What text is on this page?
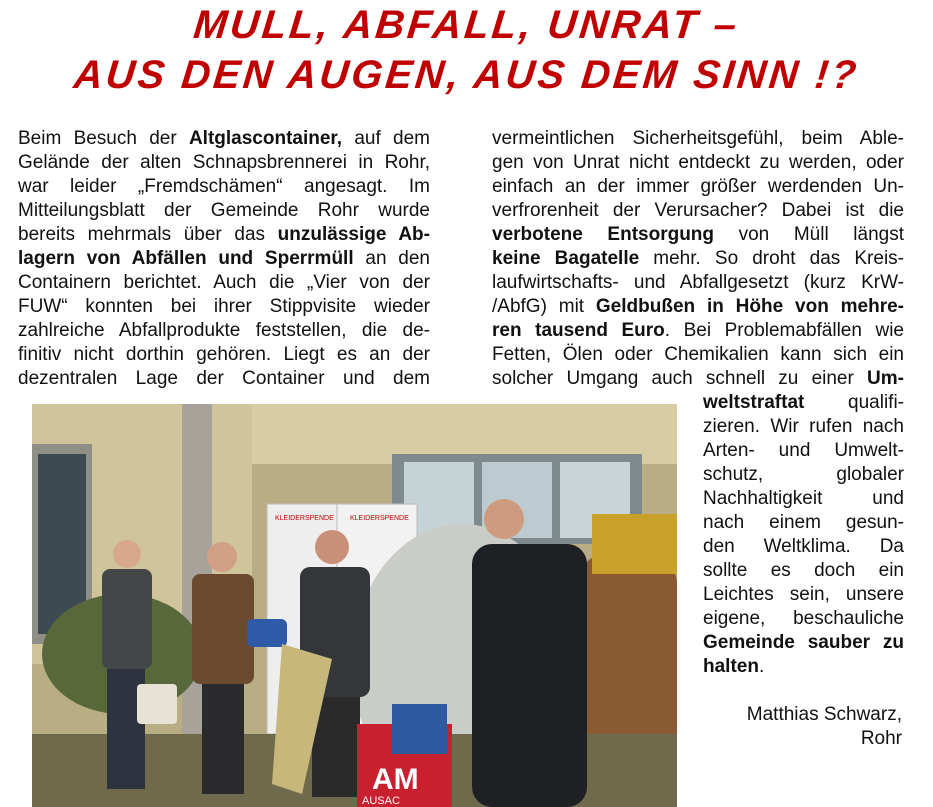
MULL, ABFALL, UNRAT –
AUS DEN AUGEN, AUS DEM SINN !?
Beim Besuch der Altglascontainer, auf dem
Gelände der alten Schnapsbrennerei in Rohr,
war leider „Fremdschämen“ angesagt. Im
Mitteilungsblatt der Gemeinde Rohr wurde
bereits mehrmals über das unzulässige Ab-
lagern von Abfällen und Sperrmüll an den
Containern berichtet. Auch die „Vier von der
FUW“ konnten bei ihrer Stippvisite wieder
zahlreiche Abfallprodukte feststellen, die de-
finitiv nicht dorthin gehören. Liegt es an der
dezentralen Lage der Container und dem
vermeintlichen Sicherheitsgefühl, beim Able-
gen von Unrat nicht entdeckt zu werden, oder
einfach an der immer größer werdenden Un-
verfrorenheit der Verursacher? Dabei ist die
verbotene Entsorgung von Müll längst
keine Bagatelle mehr. So droht das Kreis-
laufwirtschafts- und Abfallgesetzt (kurz KrW-
/AbfG) mit Geldbußen in Höhe von mehre-
ren tausend Euro. Bei Problemabfällen wie
Fetten, Ölen oder Chemikalien kann sich ein
solcher Umgang auch schnell zu einer Um-
weltstraftat qualifi-
zieren. Wir rufen nach
Arten- und Umwelt-
schutz, globaler
Nachhaltigkeit und
nach einem gesun-
den Weltklima. Da
sollte es doch ein
Leichtes sein, unsere
eigene, beschauliche
Gemeinde sauber zu
halten.
Matthias Schwarz,
Rohr
KLEIDERSPENDE KLEIDERSPENDE
AM
AUSAC
